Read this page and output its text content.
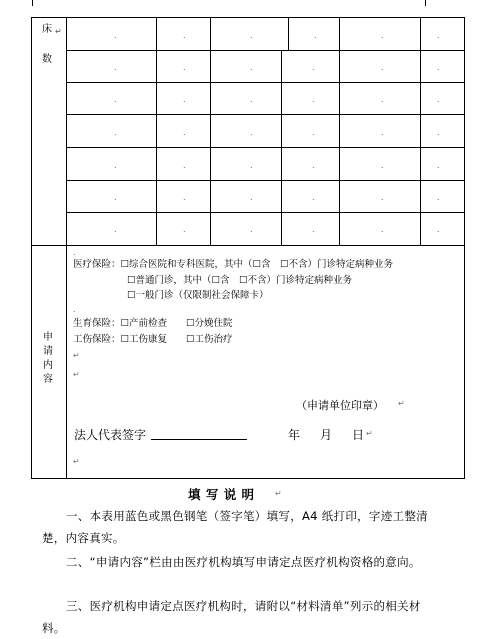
床 ↵
数
申
请
内
容
.	.	.	.	.	.
.	.	.	.	.	.
.	.	.	.	.	.
.	.	.	.	.	.
.	.	.	.	.	.
.	.	.	.	.	.
.	.	.	.	.	.
.
医疗保险：☐综合医院和专科医院，其中（☐含　☐不含）门诊特定病种业务
☐普通门诊，其中（☐含　☐不含）门诊特定病种业务
☐一般门诊（仅限制社会保障卡）
.
生育保险：☐产前检查　　☐分娩住院
工伤保险：☐工伤康复　　☐工伤治疗
↵
↵
（申请单位印章） ↵
法人代表签字	年 月 日 ↵
↵
填 写 说 明	↵
一、本表用蓝色或黑色钢笔（签字笔）填写，A4 纸打印，字迹工整清楚，内容真实。
二、“申请内容”栏由由医疗机构填写申请定点医疗机构资格的意向。
三、医疗机构申请定点医疗机构时，请附以“材料清单”列示的相关材料。
